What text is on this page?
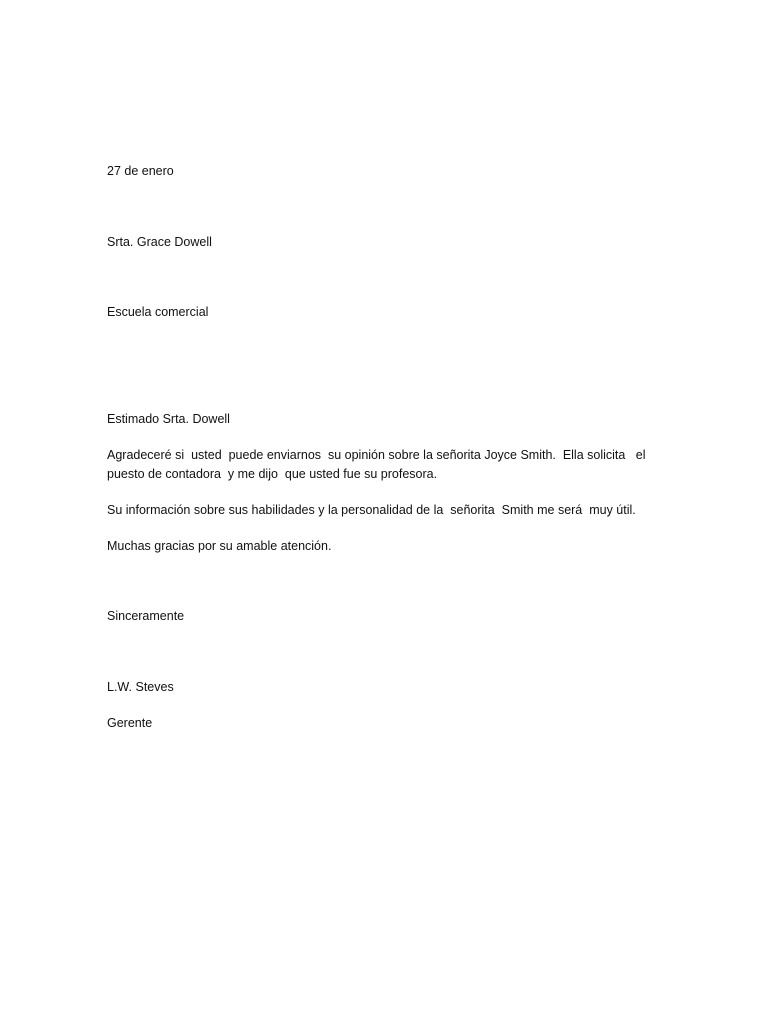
27 de enero

Srta. Grace Dowell

Escuela comercial

Estimado Srta. Dowell

Agradeceré si  usted  puede enviarnos  su opinión sobre la señorita Joyce Smith.  Ella solicita   el puesto de contadora  y me dijo  que usted fue su profesora.

Su información sobre sus habilidades y la personalidad de la  señorita  Smith me será  muy útil.

Muchas gracias por su amable atención.

Sinceramente

L.W. Steves

Gerente
